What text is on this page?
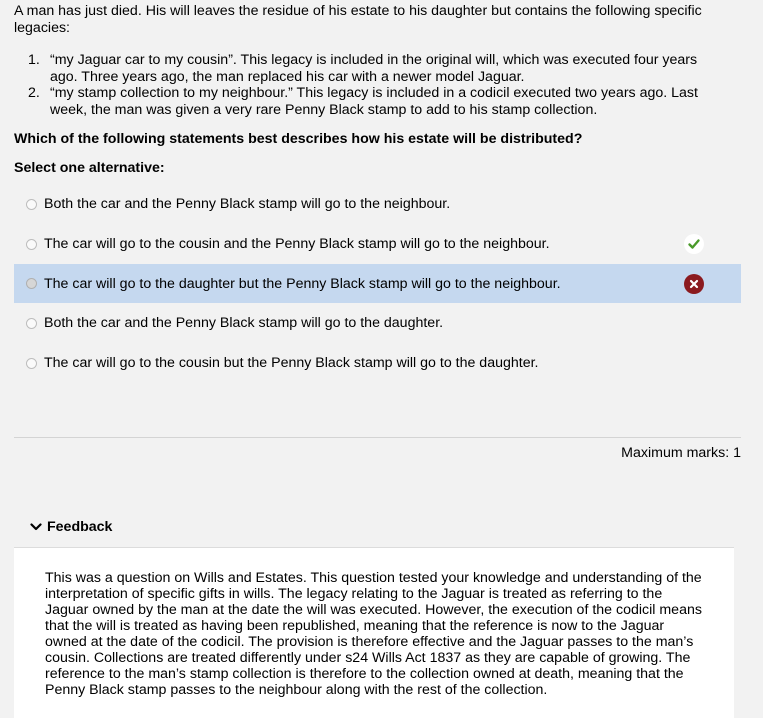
A man has just died. His will leaves the residue of his estate to his daughter but contains the following specific legacies:

1. “my Jaguar car to my cousin”. This legacy is included in the original will, which was executed four years ago. Three years ago, the man replaced his car with a newer model Jaguar.
2. “my stamp collection to my neighbour.” This legacy is included in a codicil executed two years ago. Last week, the man was given a very rare Penny Black stamp to add to his stamp collection.

Which of the following statements best describes how his estate will be distributed?

Select one alternative:

Both the car and the Penny Black stamp will go to the neighbour.
The car will go to the cousin and the Penny Black stamp will go to the neighbour.
The car will go to the daughter but the Penny Black stamp will go to the neighbour.
Both the car and the Penny Black stamp will go to the daughter.
The car will go to the cousin but the Penny Black stamp will go to the daughter.

Maximum marks: 1

Feedback

This was a question on Wills and Estates. This question tested your knowledge and understanding of the interpretation of specific gifts in wills. The legacy relating to the Jaguar is treated as referring to the Jaguar owned by the man at the date the will was executed. However, the execution of the codicil means that the will is treated as having been republished, meaning that the reference is now to the Jaguar owned at the date of the codicil. The provision is therefore effective and the Jaguar passes to the man’s cousin. Collections are treated differently under s24 Wills Act 1837 as they are capable of growing. The reference to the man’s stamp collection is therefore to the collection owned at death, meaning that the Penny Black stamp passes to the neighbour along with the rest of the collection.
